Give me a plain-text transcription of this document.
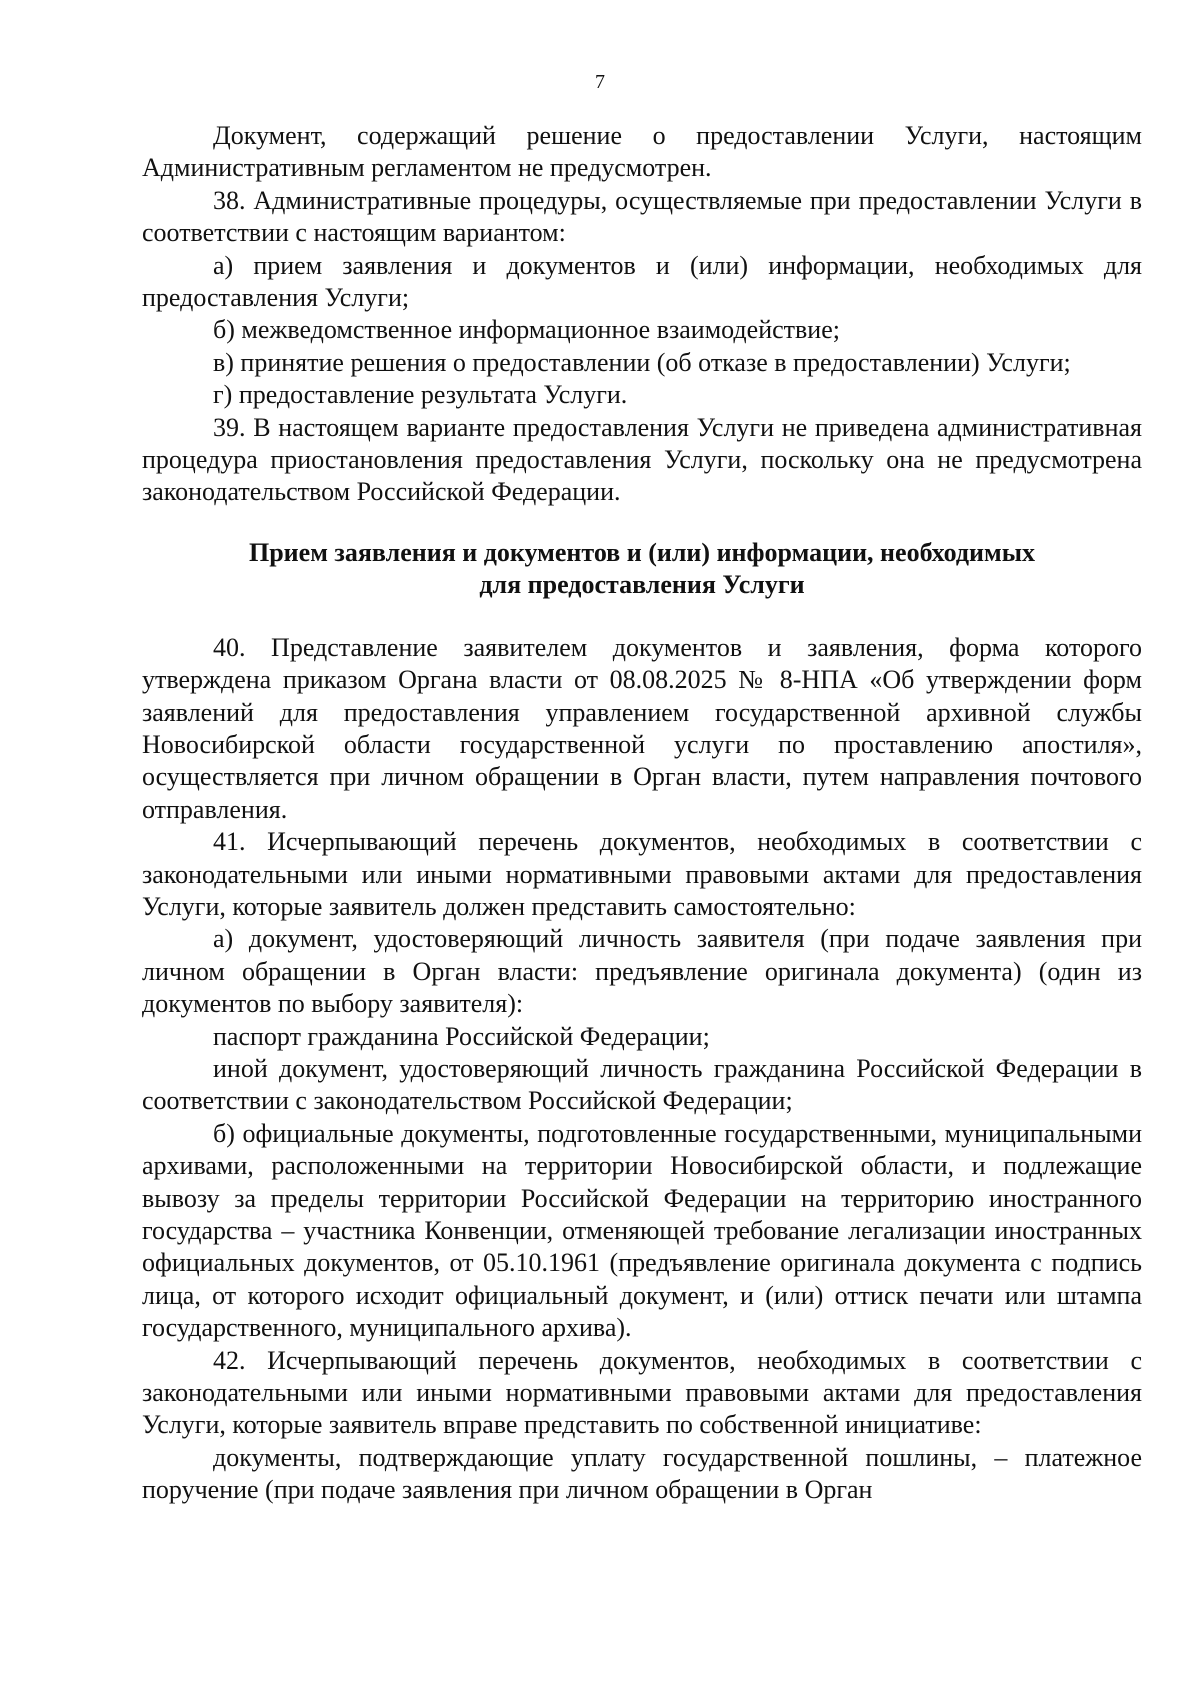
7

Документ, содержащий решение о предоставлении Услуги, настоящим Административным регламентом не предусмотрен.

38. Административные процедуры, осуществляемые при предоставлении Услуги в соответствии с настоящим вариантом:

а) прием заявления и документов и (или) информации, необходимых для предоставления Услуги;

б) межведомственное информационное взаимодействие;

в) принятие решения о предоставлении (об отказе в предоставлении) Услуги;

г) предоставление результата Услуги.

39. В настоящем варианте предоставления Услуги не приведена административная процедура приостановления предоставления Услуги, поскольку она не предусмотрена законодательством Российской Федерации.

Прием заявления и документов и (или) информации, необходимых
для предоставления Услуги

40. Представление заявителем документов и заявления, форма которого утверждена приказом Органа власти от 08.08.2025 № 8-НПА «Об утверждении форм заявлений для предоставления управлением государственной архивной службы Новосибирской области государственной услуги по проставлению апостиля», осуществляется при личном обращении в Орган власти, путем направления почтового отправления.

41. Исчерпывающий перечень документов, необходимых в соответствии с законодательными или иными нормативными правовыми актами для предоставления Услуги, которые заявитель должен представить самостоятельно:

а) документ, удостоверяющий личность заявителя (при подаче заявления при личном обращении в Орган власти: предъявление оригинала документа) (один из документов по выбору заявителя):

паспорт гражданина Российской Федерации;

иной документ, удостоверяющий личность гражданина Российской Федерации в соответствии с законодательством Российской Федерации;

б) официальные документы, подготовленные государственными, муниципальными архивами, расположенными на территории Новосибирской области, и подлежащие вывозу за пределы территории Российской Федерации на территорию иностранного государства – участника Конвенции, отменяющей требование легализации иностранных официальных документов, от 05.10.1961 (предъявление оригинала документа с подпись лица, от которого исходит официальный документ, и (или) оттиск печати или штампа государственного, муниципального архива).

42. Исчерпывающий перечень документов, необходимых в соответствии с законодательными или иными нормативными правовыми актами для предоставления Услуги, которые заявитель вправе представить по собственной инициативе:

документы, подтверждающие уплату государственной пошлины, – платежное поручение (при подаче заявления при личном обращении в Орган
